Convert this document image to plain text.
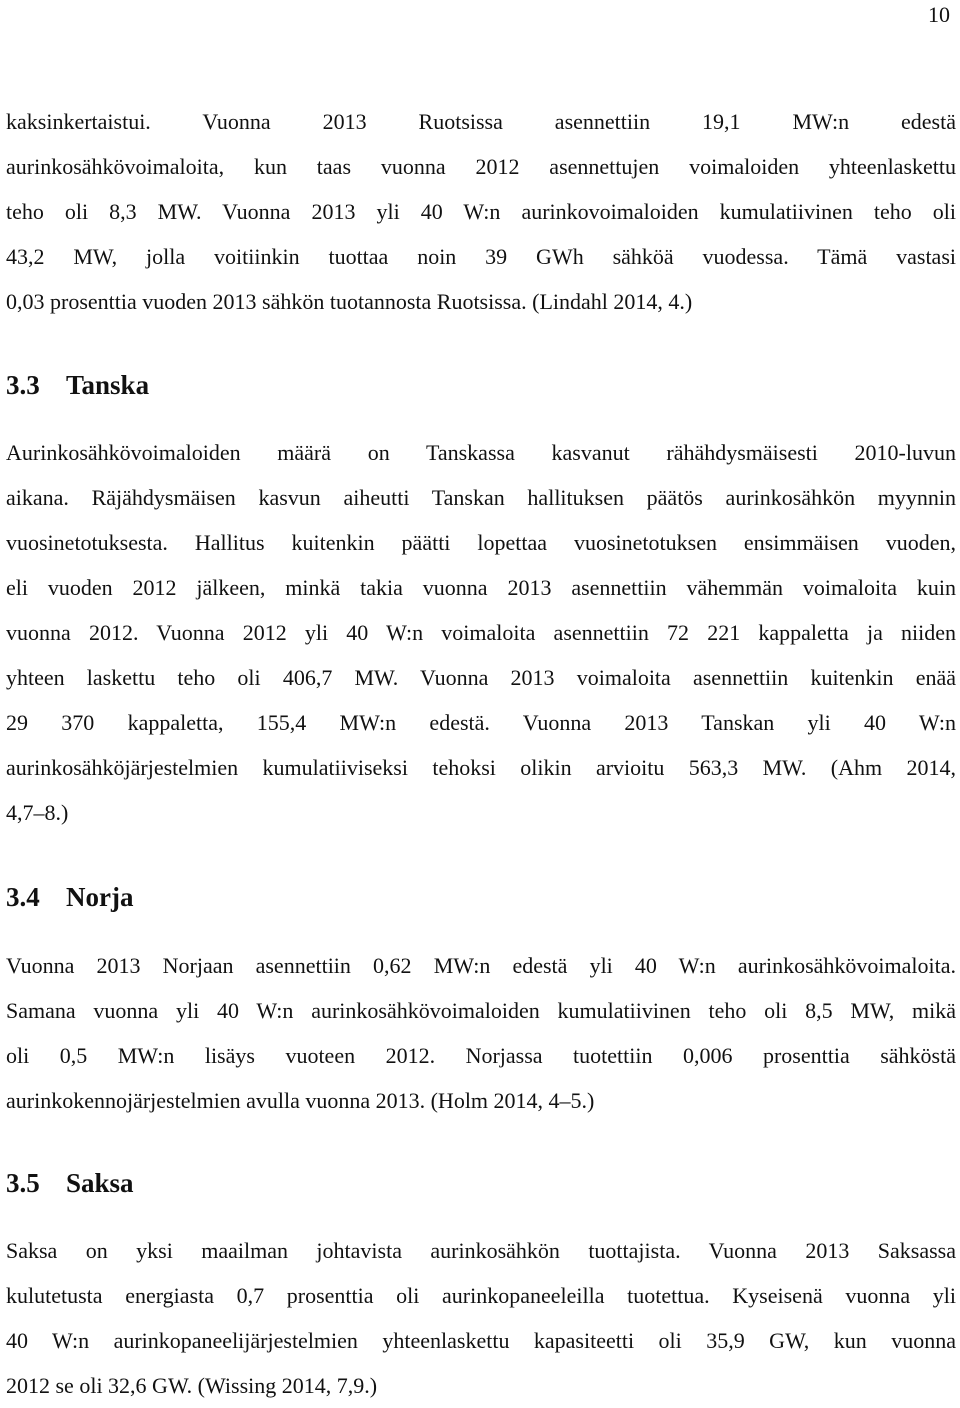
10
kaksinkertaistui. Vuonna 2013 Ruotsissa asennettiin 19,1 MW:n edestä
aurinkosähkövoimaloita, kun taas vuonna 2012 asennettujen voimaloiden yhteenlaskettu
teho oli 8,3 MW. Vuonna 2013 yli 40 W:n aurinkovoimaloiden kumulatiivinen teho oli
43,2 MW, jolla voitiinkin tuottaa noin 39 GWh sähköä vuodessa. Tämä vastasi
0,03 prosenttia vuoden 2013 sähkön tuotannosta Ruotsissa. (Lindahl 2014, 4.)
3.3 Tanska
Aurinkosähkövoimaloiden määrä on Tanskassa kasvanut rähähdysmäisesti 2010-luvun
aikana. Räjähdysmäisen kasvun aiheutti Tanskan hallituksen päätös aurinkosähkön myynnin
vuosinetotuksesta. Hallitus kuitenkin päätti lopettaa vuosinetotuksen ensimmäisen vuoden,
eli vuoden 2012 jälkeen, minkä takia vuonna 2013 asennettiin vähemmän voimaloita kuin
vuonna 2012. Vuonna 2012 yli 40 W:n voimaloita asennettiin 72 221 kappaletta ja niiden
yhteen laskettu teho oli 406,7 MW. Vuonna 2013 voimaloita asennettiin kuitenkin enää
29 370 kappaletta, 155,4 MW:n edestä. Vuonna 2013 Tanskan yli 40 W:n
aurinkosähköjärjestelmien kumulatiiviseksi tehoksi olikin arvioitu 563,3 MW. (Ahm 2014,
4,7–8.)
3.4 Norja
Vuonna 2013 Norjaan asennettiin 0,62 MW:n edestä yli 40 W:n aurinkosähkövoimaloita.
Samana vuonna yli 40 W:n aurinkosähkövoimaloiden kumulatiivinen teho oli 8,5 MW, mikä
oli 0,5 MW:n lisäys vuoteen 2012. Norjassa tuotettiin 0,006 prosenttia sähköstä
aurinkokennojärjestelmien avulla vuonna 2013. (Holm 2014, 4–5.)
3.5 Saksa
Saksa on yksi maailman johtavista aurinkosähkön tuottajista. Vuonna 2013 Saksassa
kulutetusta energiasta 0,7 prosenttia oli aurinkopaneeleilla tuotettua. Kyseisenä vuonna yli
40 W:n aurinkopaneelijärjestelmien yhteenlaskettu kapasiteetti oli 35,9 GW, kun vuonna
2012 se oli 32,6 GW. (Wissing 2014, 7,9.)
